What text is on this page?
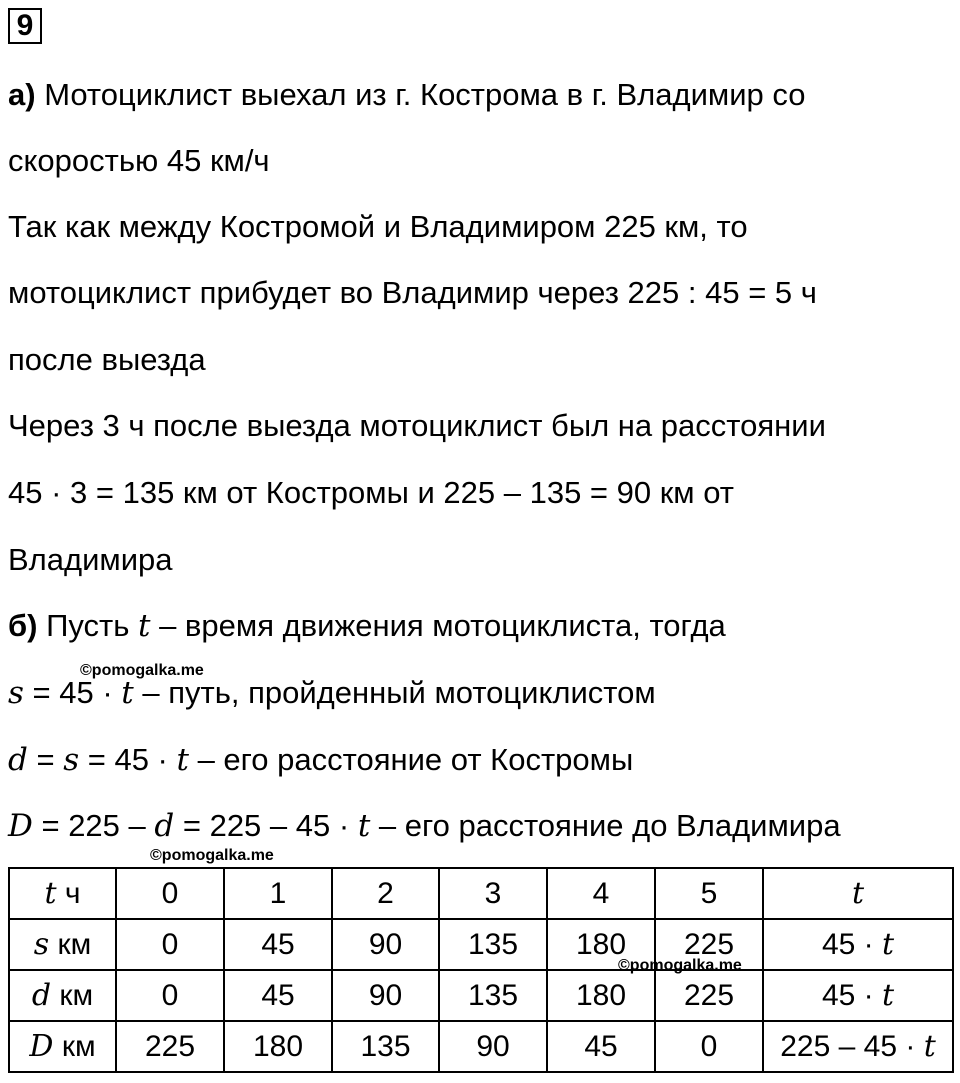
9
а) Мотоциклист выехал из г. Кострома в г. Владимир со
скоростью 45 км/ч
Так как между Костромой и Владимиром 225 км, то
мотоциклист прибудет во Владимир через 225 : 45 = 5 ч
после выезда
Через 3 ч после выезда мотоциклист был на расстоянии
45 · 3 = 135 км от Костромы и 225 – 135 = 90 км от
Владимира
б) Пусть t – время движения мотоциклиста, тогда
©pomogalka.me
s = 45 · t – путь, пройденный мотоциклистом
d = s = 45 · t – его расстояние от Костромы
D = 225 – d = 225 – 45 · t – его расстояние до Владимира
©pomogalka.me
t ч	0	1	2	3	4	5	t
s км	0	45	90	135	180	225	45 · t
d км	0	45	90	135	180	225	45 · t
D км	225	180	135	90	45	0	225 – 45 · t
©pomogalka.me
